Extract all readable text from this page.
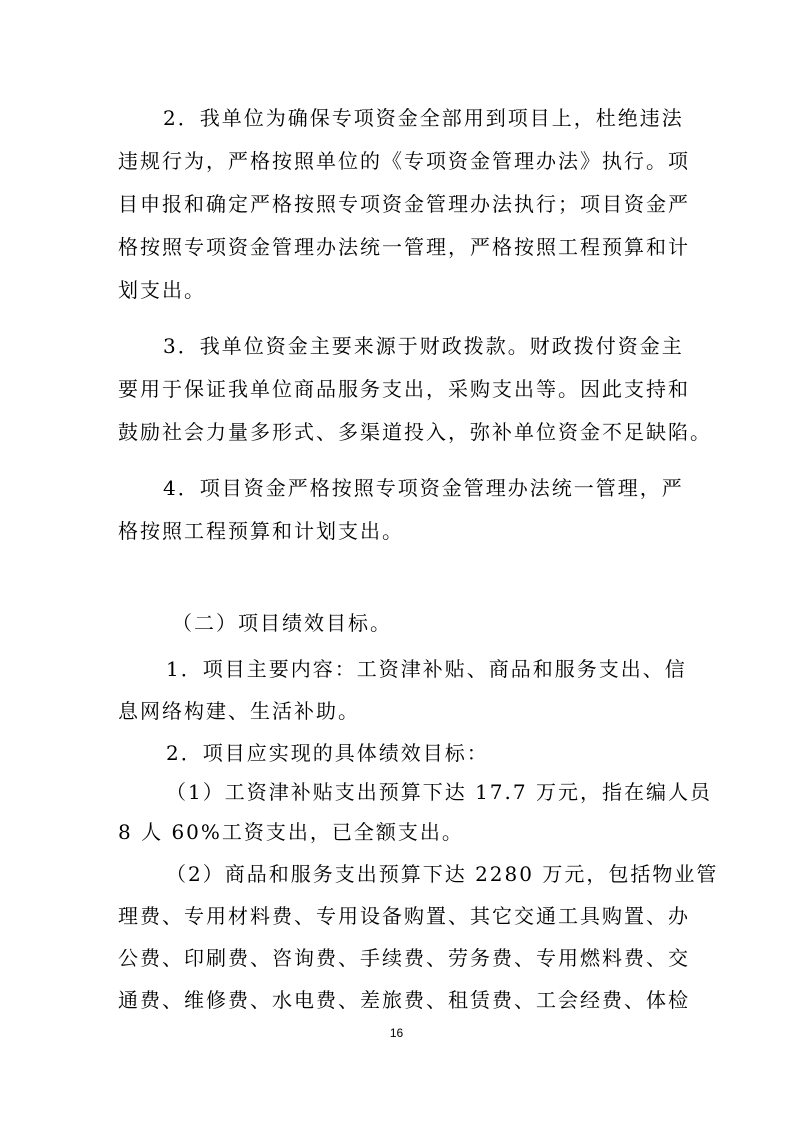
2．我单位为确保专项资金全部用到项目上，杜绝违法
违规行为，严格按照单位的《专项资金管理办法》执行。项
目申报和确定严格按照专项资金管理办法执行；项目资金严
格按照专项资金管理办法统一管理，严格按照工程预算和计
划支出。
3．我单位资金主要来源于财政拨款。财政拨付资金主
要用于保证我单位商品服务支出，采购支出等。因此支持和
鼓励社会力量多形式、多渠道投入，弥补单位资金不足缺陷。
4．项目资金严格按照专项资金管理办法统一管理，严
格按照工程预算和计划支出。
（二）项目绩效目标。
1．项目主要内容：工资津补贴、商品和服务支出、信
息网络构建、生活补助。
2．项目应实现的具体绩效目标：
（1）工资津补贴支出预算下达 17.7 万元，指在编人员
8 人 60%工资支出，已全额支出。
（2）商品和服务支出预算下达 2280 万元，包括物业管
理费、专用材料费、专用设备购置、其它交通工具购置、办
公费、印刷费、咨询费、手续费、劳务费、专用燃料费、交
通费、维修费、水电费、差旅费、租赁费、工会经费、体检
16
